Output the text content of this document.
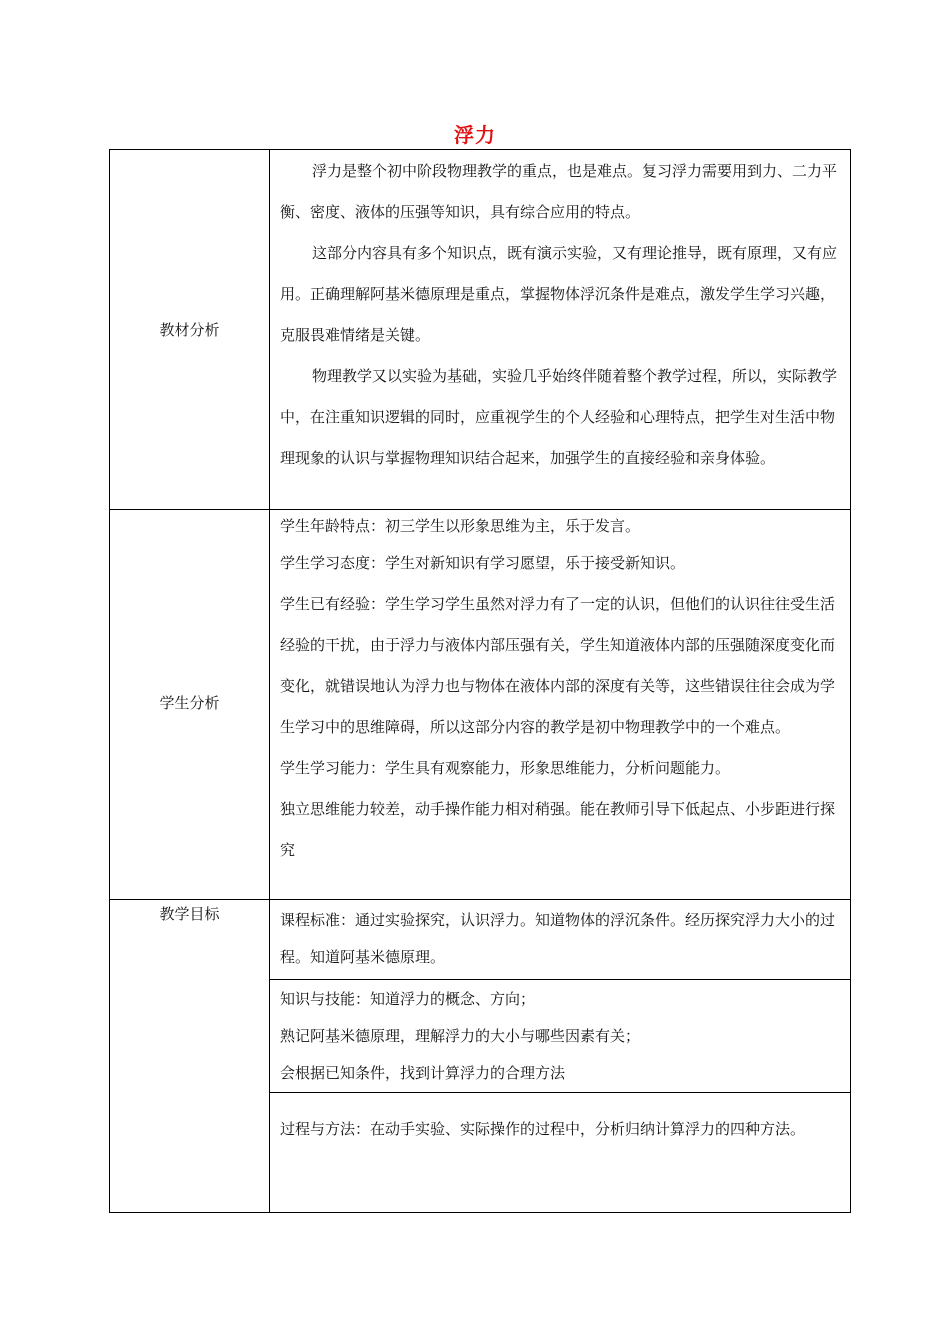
浮力
教材分析	浮力是整个初中阶段物理教学的重点，也是难点。复习浮力需要用到力、二力平衡、密度、液体的压强等知识，具有综合应用的特点。

这部分内容具有多个知识点，既有演示实验，又有理论推导，既有原理，又有应用。正确理解阿基米德原理是重点，掌握物体浮沉条件是难点，激发学生学习兴趣，克服畏难情绪是关键。

物理教学又以实验为基础，实验几乎始终伴随着整个教学过程，所以，实际教学中，在注重知识逻辑的同时，应重视学生的个人经验和心理特点，把学生对生活中物理现象的认识与掌握物理知识结合起来，加强学生的直接经验和亲身体验。

学生分析	学生年龄特点：初三学生以形象思维为主，乐于发言。

学生学习态度：学生对新知识有学习愿望，乐于接受新知识。

学生已有经验：学生学习学生虽然对浮力有了一定的认识，但他们的认识往往受生活经验的干扰，由于浮力与液体内部压强有关，学生知道液体内部的压强随深度变化而变化，就错误地认为浮力也与物体在液体内部的深度有关等，这些错误往往会成为学生学习中的思维障碍，所以这部分内容的教学是初中物理教学中的一个难点。

学生学习能力：学生具有观察能力，形象思维能力，分析问题能力。

独立思维能力较差，动手操作能力相对稍强。能在教师引导下低起点、小步距进行探究

教学目标	课程标准：通过实验探究，认识浮力。知道物体的浮沉条件。经历探究浮力大小的过程。知道阿基米德原理。

	知识与技能：知道浮力的概念、方向；

熟记阿基米德原理，理解浮力的大小与哪些因素有关；

会根据已知条件，找到计算浮力的合理方法

	过程与方法：在动手实验、实际操作的过程中，分析归纳计算浮力的四种方法。
